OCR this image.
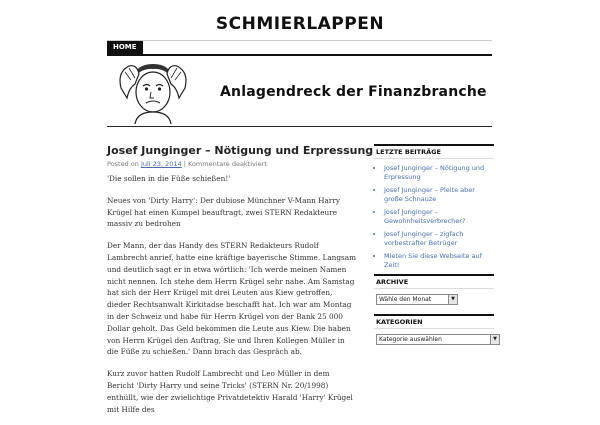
SCHMIERLAPPEN
HOME
Anlagendreck der Finanzbranche
Josef Junginger – Nötigung und Erpressung
Posted on Juli 23, 2014 | Kommentare deaktiviert

'Die sollen in die Füße schießen!'

Neues von 'Dirty Harry': Der dubiose Münchner V-Mann Harry Krügel hat einen Kumpel beauftragt, zwei STERN Redakteure massiv zu bedrohen

Der Mann, der das Handy des STERN Redakteurs Rudolf Lambrecht anrief, hatte eine kräftige bayerische Stimme. Langsam und deutlich sagt er in etwa wörtlich: 'Ich werde meinen Namen nicht nennen. Ich stehe dem Herrn Krügel sehr nahe. Am Samstag hat sich der Herr Krügel mit drei Leuten aus Kiew getroffen, dieder Rechtsanwalt Kirkitadse beschafft hat. Ich war am Montag in der Schweiz und habe für Herrn Krügel von der Bank 25 000 Dollar geholt. Das Geld bekommen die Leute aus Kiew. Die haben von Herrn Krügel den Auftrag, Sie und Ihren Kollegen Müller in die Füße zu schießen.' Dann brach das Gespräch ab.

Kurz zuvor hatten Rudolf Lambrecht und Leo Müller in dem Bericht 'Dirty Harry und seine Tricks' (STERN Nr. 20/1998) enthüllt, wie der zwielichtige Privatdetektiv Harald 'Harry' Krügel mit Hilfe des

LETZTE BEITRÄGE
• Josef Junginger – Nötigung und Erpressung
• Josef Junginger – Pleite aber große Schnauze
• Josef Junginger – Gewohnheitsverbrecher?
• Josef Junginger – zigfach vorbestrafter Betrüger
• Mieten Sie diese Webseite auf Zeit!
ARCHIVE
Wähle den Monat	▼
KATEGORIEN
Kategorie auswählen	▼
